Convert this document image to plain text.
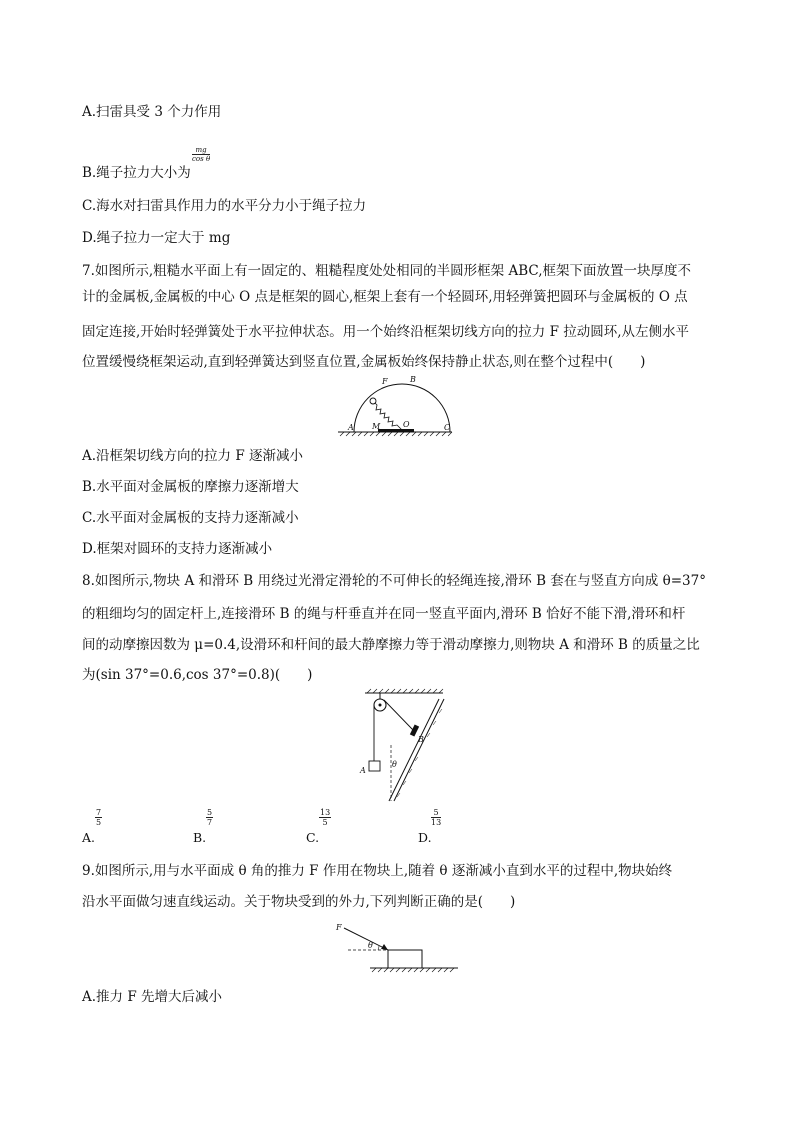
A.扫雷具受 3 个力作用
B.绳子拉力大小为
$\frac{mg}{\text{cos θ}}$
C.海水对扫雷具作用力的水平分力小于绳子拉力
D.绳子拉力一定大于 mg
7.如图所示,粗糙水平面上有一固定的、粗糙程度处处相同的半圆形框架 ABC,框架下面放置一块厚度不
计的金属板,金属板的中心 O 点是框架的圆心,框架上套有一个轻圆环,用轻弹簧把圆环与金属板的 O 点
固定连接,开始时轻弹簧处于水平拉伸状态。用一个始终沿框架切线方向的拉力 F 拉动圆环,从左侧水平
位置缓慢绕框架运动,直到轻弹簧达到竖直位置,金属板始终保持静止状态,则在整个过程中(　　)
A
F	B
M	O	C
A.沿框架切线方向的拉力 F 逐渐减小
B.水平面对金属板的摩擦力逐渐增大
C.水平面对金属板的支持力逐渐减小
D.框架对圆环的支持力逐渐减小
8.如图所示,物块 A 和滑环 B 用绕过光滑定滑轮的不可伸长的轻绳连接,滑环 B 套在与竖直方向成 θ=37°
的粗细均匀的固定杆上,连接滑环 B 的绳与杆垂直并在同一竖直平面内,滑环 B 恰好不能下滑,滑环和杆
间的动摩擦因数为 μ=0.4,设滑环和杆间的最大静摩擦力等于滑动摩擦力,则物块 A 和滑环 B 的质量之比
为(sin 37°=0.6,cos 37°=0.8)(　　)
A
B
θ
A.
$\frac{7}{5}$
B.
$\frac{5}{7}$
C.
$\frac{13}{5}$
D.
$\frac{5}{13}$
9.如图所示,用与水平面成 θ 角的推力 F 作用在物块上,随着 θ 逐渐减小直到水平的过程中,物块始终
沿水平面做匀速直线运动。关于物块受到的外力,下列判断正确的是(　　)
F
θ
A.推力 F 先增大后减小
